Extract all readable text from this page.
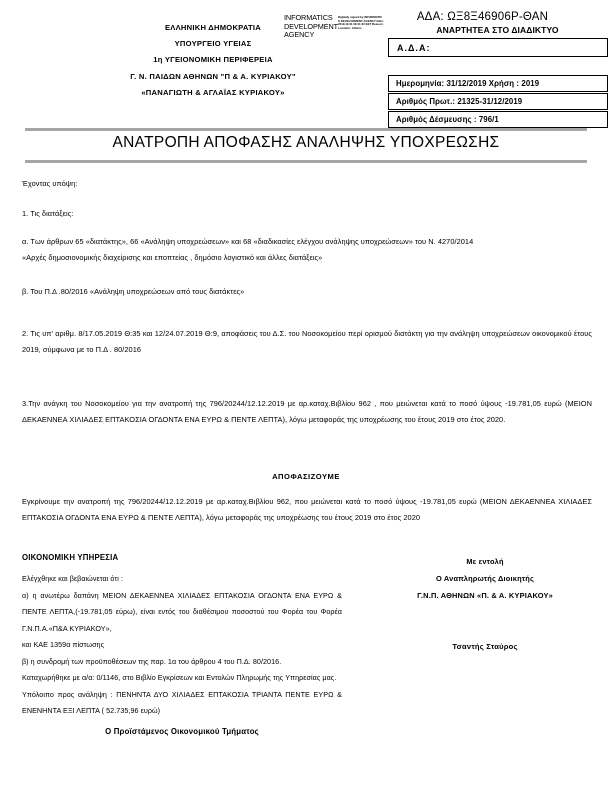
ΑΔΑ: ΩΞ8Ξ46906Ρ-ΘΑΝ
ΑΝΑΡΤΗΤΕΑ ΣΤΟ ΔΙΑΔΙΚΤΥΟ
Α.Δ.Α:
INFORMATICS DEVELOPMENT AGENCY
Digitally signed by INFORMATICS DEVELOPMENT AGENCY Date: 2019.12.31 09:41:22 EET Reason: Location: Athens
ΕΛΛΗΝΙΚΗ ΔΗΜΟΚΡΑΤΙΑ
ΥΠΟΥΡΓΕΙΟ ΥΓΕΙΑΣ
1η ΥΓΕΙΟΝΟΜΙΚΗ ΠΕΡΙΦΕΡΕΙΑ
Γ. Ν. ΠΑΙΔΩΝ ΑΘΗΝΩΝ "Π & Α. ΚΥΡΙΑΚΟΥ"
«ΠΑΝΑΓΙΩΤΗ & ΑΓΛΑΪΑΣ ΚΥΡΙΑΚΟΥ»
Ημερομηνία: 31/12/2019 Χρήση : 2019
Αριθμός Πρωτ.: 21325-31/12/2019
Αριθμός Δέσμευσης : 796/1
ΑΝΑΤΡΟΠΗ ΑΠΟΦΑΣΗΣ ΑΝΑΛΗΨΗΣ ΥΠΟΧΡΕΩΣΗΣ
Έχοντας υπόψη:
1. Τις διατάξεις:
α. Των άρθρων 65 «διατάκτης», 66 «Ανάληψη υποχρεώσεων» και 68 «διαδικασίες ελέγχου ανάληψης υποχρεώσεων» του Ν. 4270/2014
«Αρχές δημοσιονομικής διαχείρισης και εποπτείας , δημόσιο λογιστικό και άλλες διατάξεις»
β. Του Π.Δ .80/2016 «Ανάληψη υποχρεώσεων από τους διατάκτες»
2. Τις υπ' αριθμ. 8/17.05.2019 Θ:35 και 12/24.07.2019 Θ:9, αποφάσεις του Δ.Σ. του Νοσοκομείου περί ορισμού διατάκτη για την ανάληψη υποχρεώσεων οικονομικού έτους 2019, σύμφωνα με το Π.Δ . 80/2016
3.Την ανάγκη του Νοσοκομείου για την ανατροπή της 796/20244/12.12.2019 με αρ.καταχ.Βιβλίου 962 , που μειώνεται κατά το ποσό ύψους -19.781,05 ευρώ (ΜΕΙΟΝ ΔΕΚΑΕΝΝΕΑ ΧΙΛΙΑΔΕΣ ΕΠΤΑΚΟΣΙΑ ΟΓΔΟΝΤΑ ΕΝΑ ΕΥΡΩ & ΠΕΝΤΕ ΛΕΠΤΑ), λόγω μεταφοράς της υποχρέωσης του έτους 2019 στο έτος 2020.
ΑΠΟΦΑΣΙΖΟΥΜΕ
Εγκρίνουμε την ανατροπή της 796/20244/12.12.2019 με αρ.καταχ.Βιβλίου 962, που μειώνεται κατά το ποσό ύψους -19.781,05 ευρώ (ΜΕΙΟΝ ΔΕΚΑΕΝΝΕΑ ΧΙΛΙΑΔΕΣ ΕΠΤΑΚΟΣΙΑ ΟΓΔΟΝΤΑ ΕΝΑ ΕΥΡΩ & ΠΕΝΤΕ ΛΕΠΤΑ), λόγω μεταφοράς της υποχρέωσης του έτους 2019 στο έτος 2020
ΟΙΚΟΝΟΜΙΚΗ ΥΠΗΡΕΣΙΑ
Ελέγχθηκε και βεβαιώνεται ότι :
α) η ανωτέρω δαπάνη ΜΕΙΟΝ ΔΕΚΑΕΝΝΕΑ ΧΙΛΙΑΔΕΣ ΕΠΤΑΚΟΣΙΑ ΟΓΔΟΝΤΑ ΕΝΑ ΕΥΡΩ & ΠΕΝΤΕ ΛΕΠΤΑ,(-19.781,05 εύρω), είναι εντός του διαθέσιμου ποσοστού του Φορέα του Φορέα Γ.Ν.Π.Α.«Π&Α ΚΥΡΙΑΚΟΥ»,
και ΚΑΕ 1359α πίστωσης
β) η συνδρομή των προϋποθέσεων της παρ. 1α του άρθρου 4 του Π.Δ. 80/2016.
Καταχωρήθηκε με α/α: 0/1146, στο Βιβλίο Εγκρίσεων και Εντολών Πληρωμής της Υπηρεσίας μας.
Υπόλοιπο προς ανάληψη : ΠΕΝΗΝΤΑ ΔΥΟ ΧΙΛΙΑΔΕΣ ΕΠΤΑΚΟΣΙΑ ΤΡΙΑΝΤΑ ΠΕΝΤΕ ΕΥΡΩ & ΕΝΕΝΗΝΤΑ ΕΞΙ ΛΕΠΤΑ ( 52.735,96 ευρώ)
Ο Προϊστάμενος Οικονομικού Τμήματος
Με εντολή
Ο Αναπληρωτής Διοικητής
Γ.Ν.Π. ΑΘΗΝΩΝ «Π. & Α. ΚΥΡΙΑΚΟΥ»
Τσαντής Σταύρος
